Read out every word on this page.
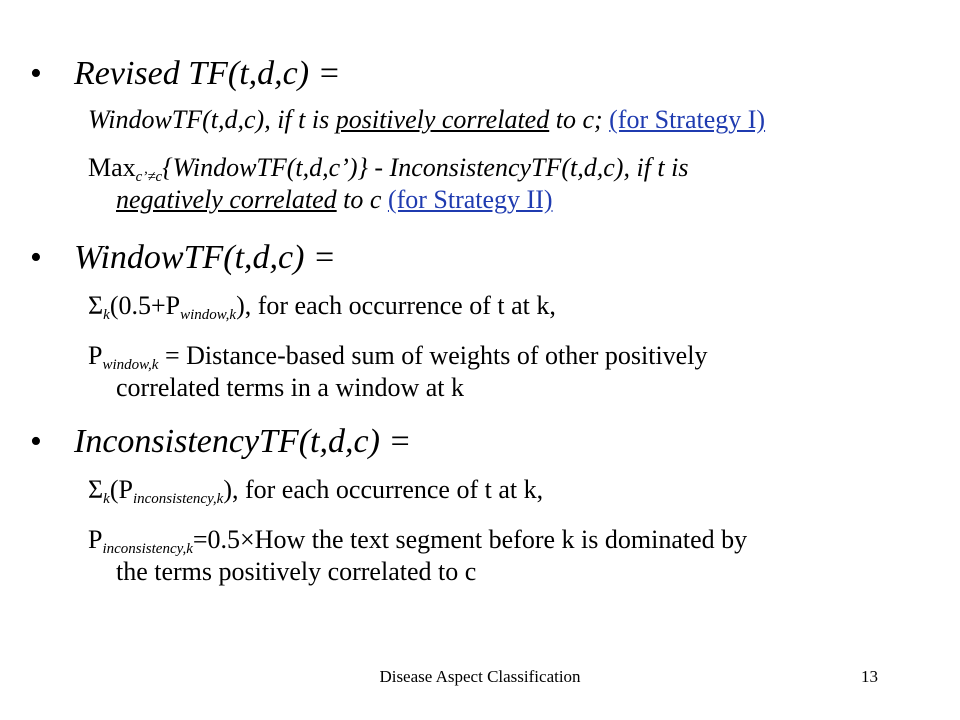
• Revised TF(t,d,c) =
WindowTF(t,d,c), if t is positively correlated to c; (for Strategy I)
Max$_{c’\ne c}${WindowTF(t,d,c’)} - InconsistencyTF(t,d,c), if t is
negatively correlated to c (for Strategy II)
• WindowTF(t,d,c) =
$\Sigma_k(0.5+P_{window,k})$, for each occurrence of t at k,
$P_{window,k}$ = Distance-based sum of weights of other positively
correlated terms in a window at k
• InconsistencyTF(t,d,c) =
$\Sigma_k(P_{inconsistency,k})$, for each occurrence of t at k,
$P_{inconsistency,k}=0.5\times How$ the text segment before k is dominated by
the terms positively correlated to c
Disease Aspect Classification	13
